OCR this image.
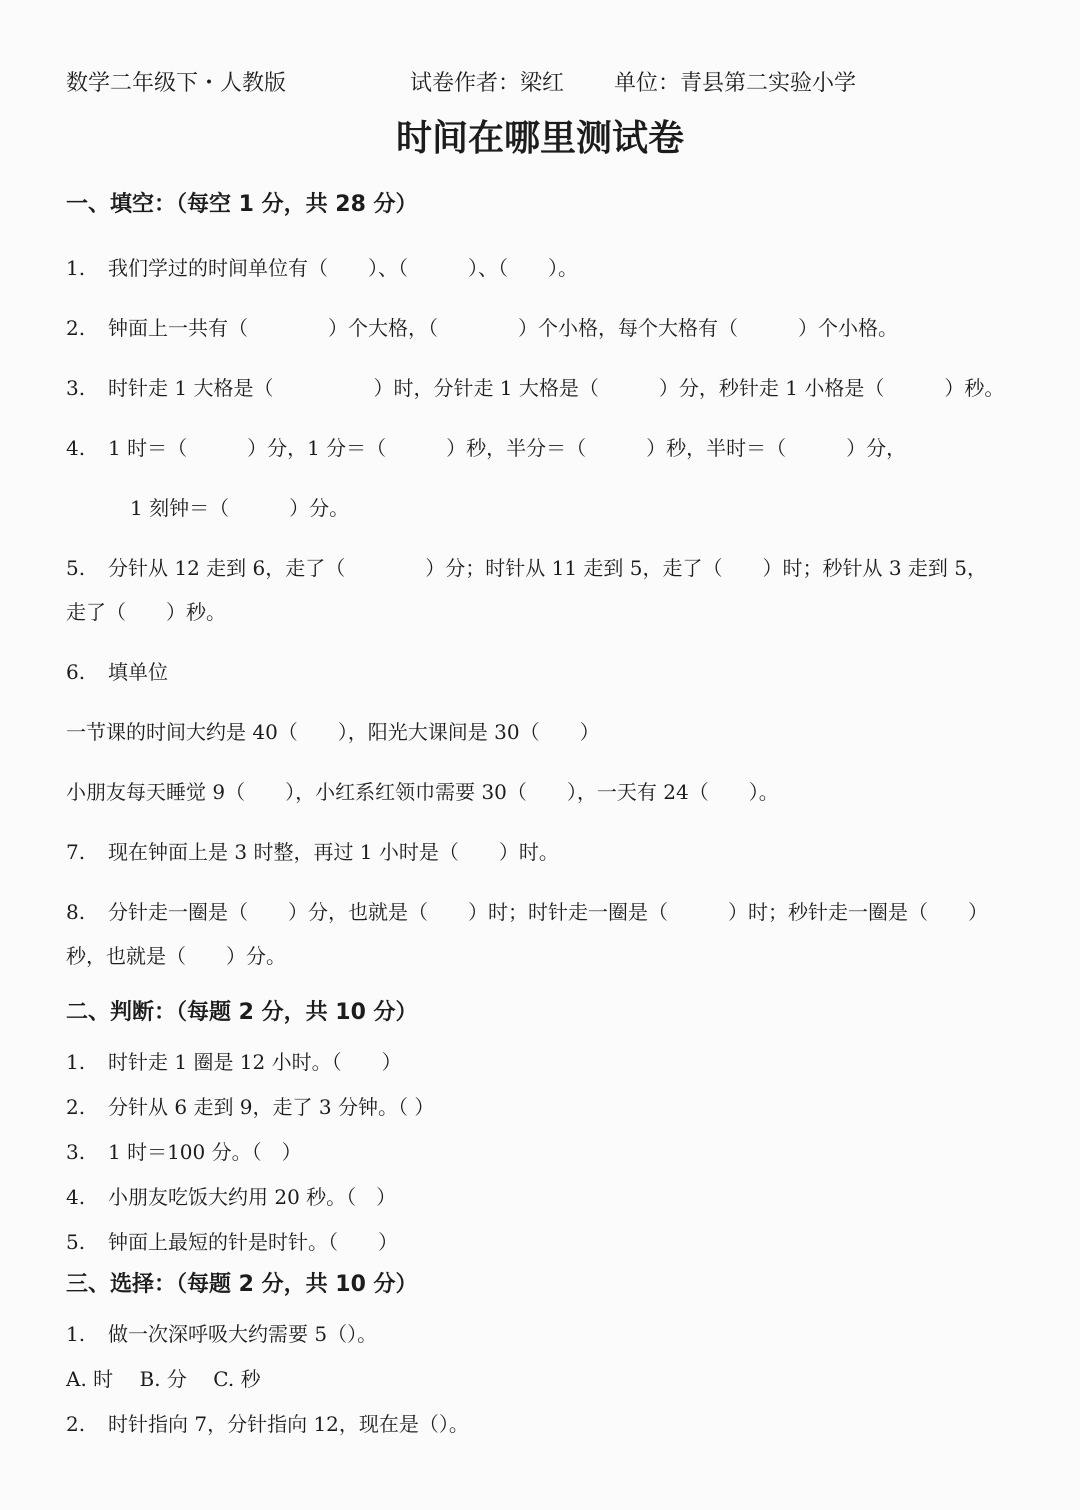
数学二年级下・人教版	试卷作者：梁红 单位：青县第二实验小学
时间在哪里测试卷
一、填空：（每空 1 分，共 28 分）
1. 我们学过的时间单位有（　　）、（　　　）、（　　）。
2. 钟面上一共有（　　　　）个大格，（　　　　）个小格，每个大格有（　　　）个小格。
3. 时针走 1 大格是（　　　　　）时，分针走 1 大格是（　　　）分，秒针走 1 小格是（　　　）秒。
4. 1 时＝（　　　）分，1 分＝（　　　）秒，半分＝（　　　）秒，半时＝（　　　）分，
1 刻钟＝（　　　）分。
5. 分针从 12 走到 6，走了（　　　　）分；时针从 11 走到 5，走了（　　）时；秒针从 3 走到 5，
走了（　　）秒。
6. 填单位
一节课的时间大约是 40（　　），阳光大课间是 30（　　）
小朋友每天睡觉 9（　　），小红系红领巾需要 30（　　），一天有 24（　　）。
7. 现在钟面上是 3 时整，再过 1 小时是（　　）时。
8. 分针走一圈是（　　）分，也就是（　　）时；时针走一圈是（　　　）时；秒针走一圈是（　　）
秒，也就是（　　）分。
二、判断：（每题 2 分，共 10 分）
1. 时针走 1 圈是 12 小时。（　　）
2. 分针从 6 走到 9，走了 3 分钟。（ ）
3. 1 时＝100 分。（　）
4. 小朋友吃饭大约用 20 秒。（　）
5. 钟面上最短的针是时针。（　　）
三、选择：（每题 2 分，共 10 分）
1. 做一次深呼吸大约需要 5（）。
A. 时　 B. 分　 C. 秒
2. 时针指向 7，分针指向 12，现在是（）。
